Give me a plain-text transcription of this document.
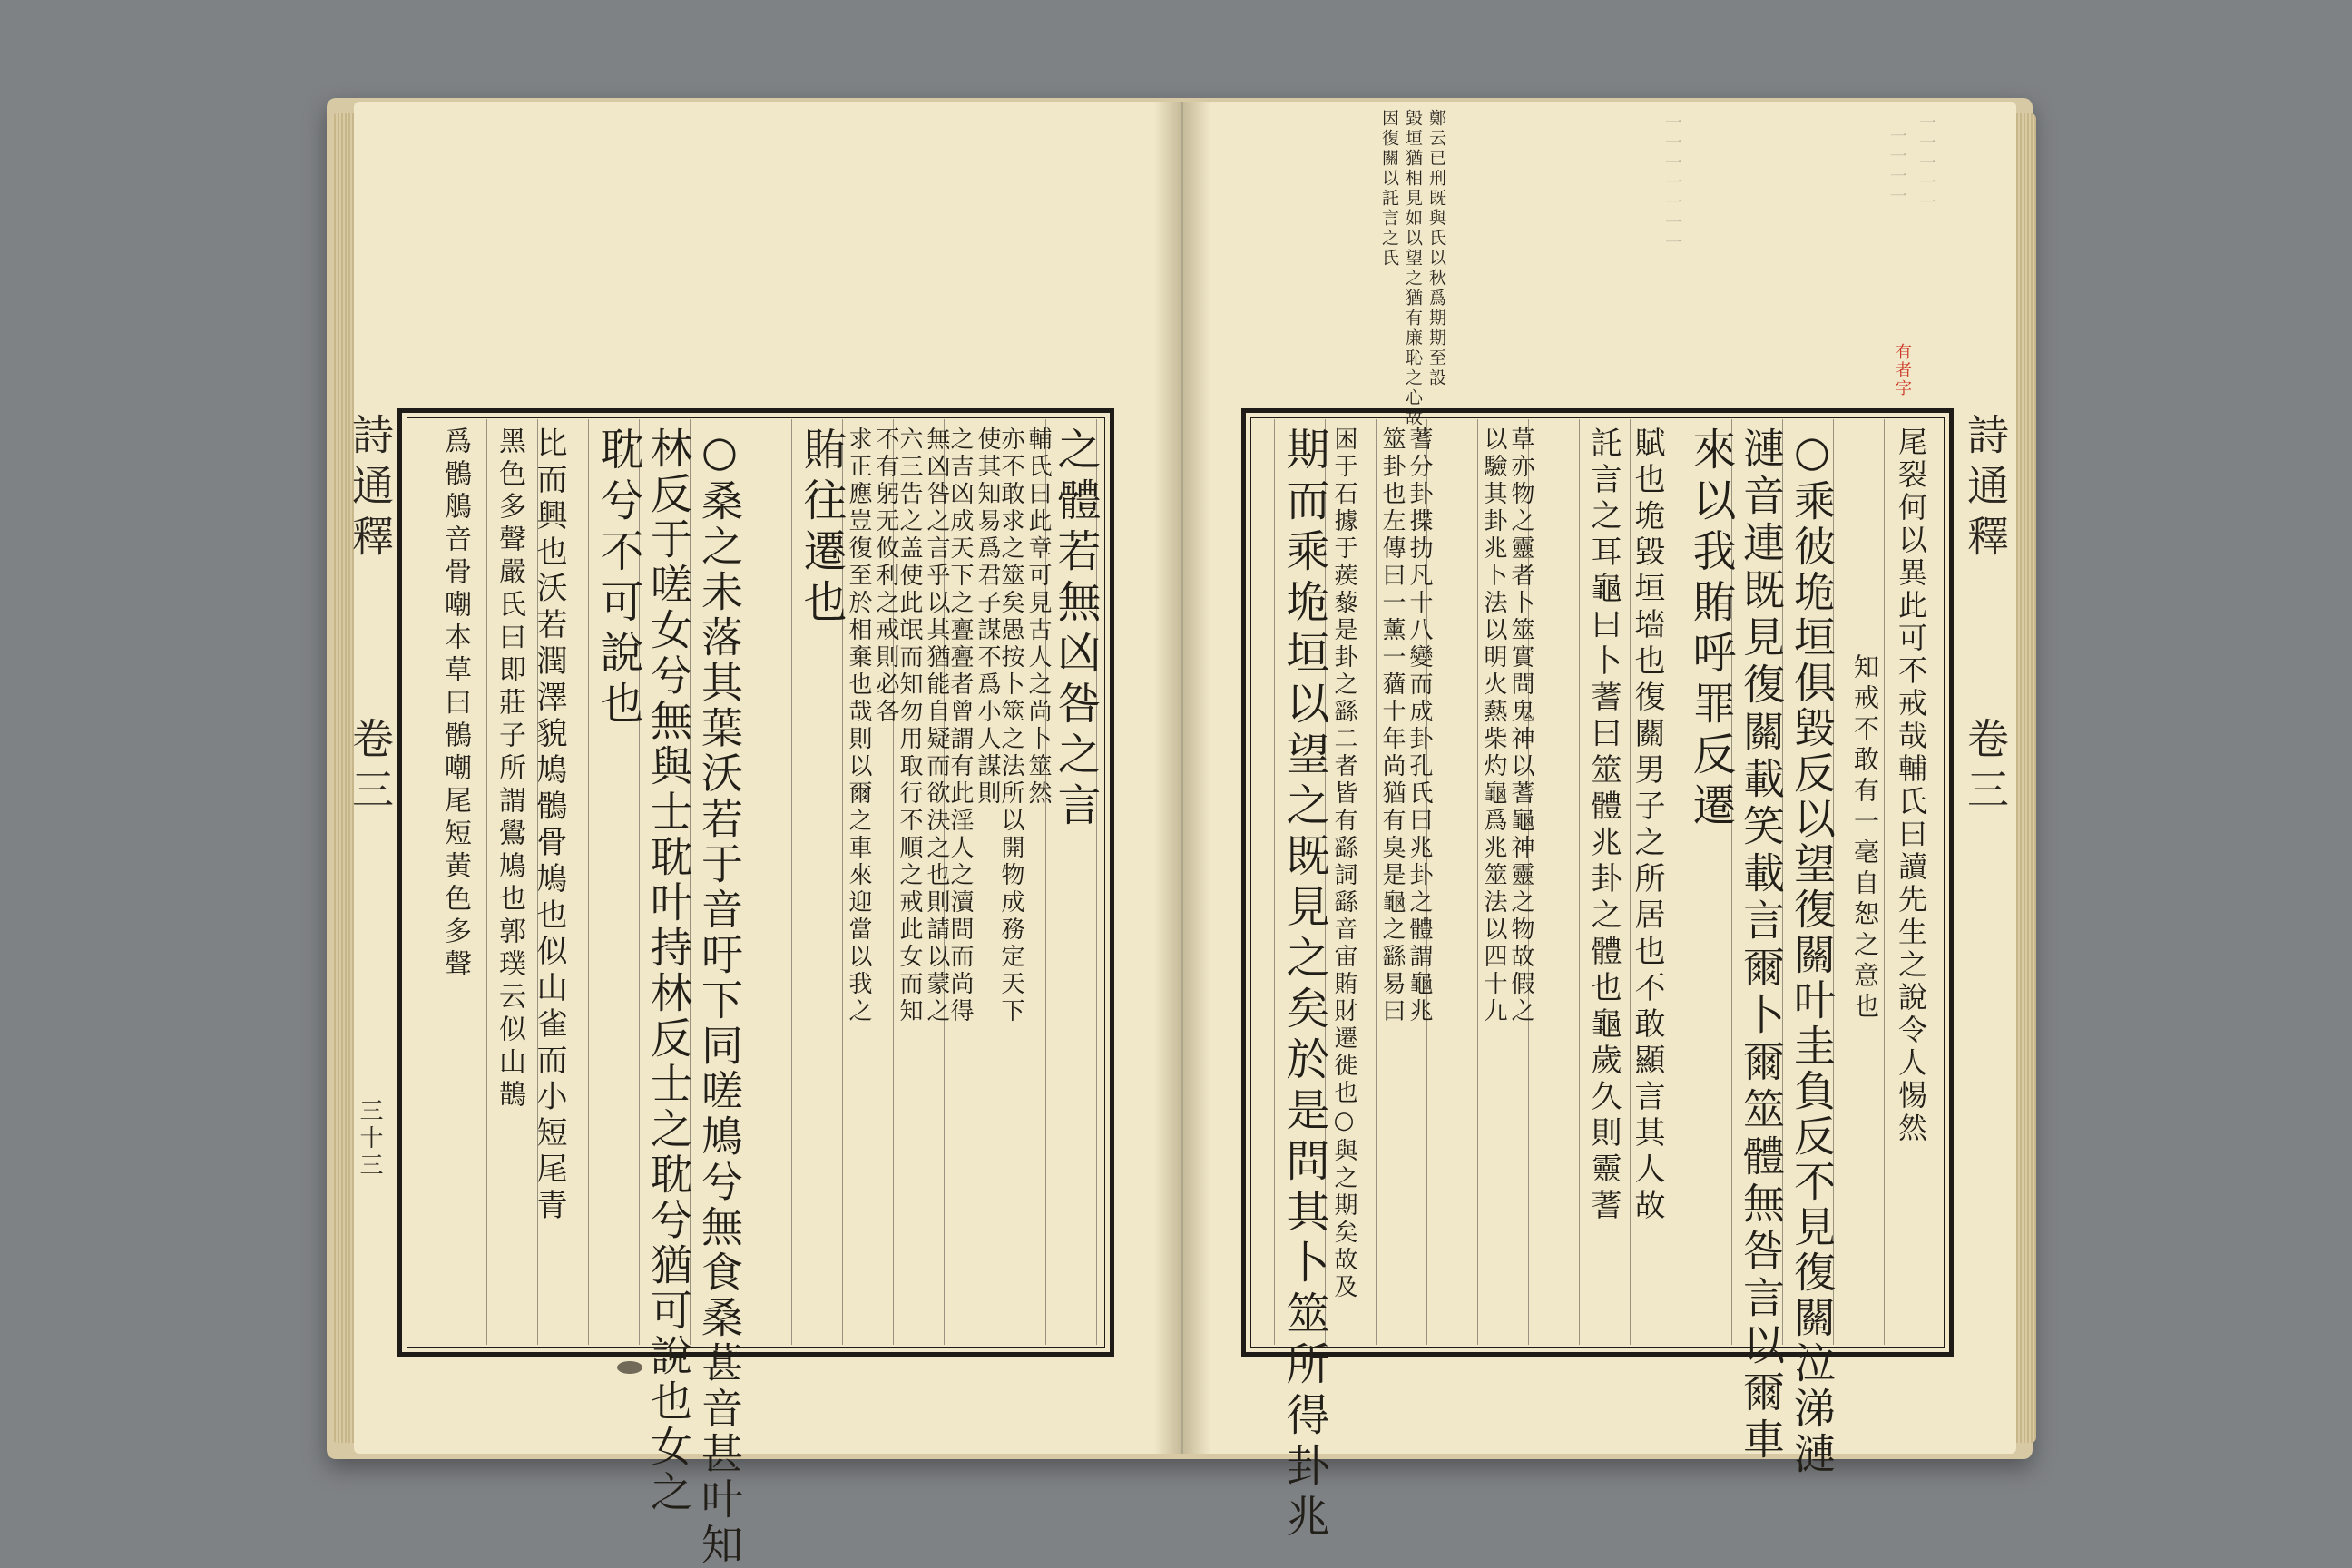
一一一一一
一一一一
一一一一一一一
鄭云已刑既與氏以秋爲期期至設
毀垣猶相見如以望之猶有廉恥之心故
因復關以託言之氏
有者字
詩通釋
卷三
三十三
之體若無凶咎之言
輔氏曰此章可見古人之尚卜筮然
亦不敢求之筮矣愚按卜筮之法所以開物成務定天下
使其知易爲君子謀不爲小人謀則
之吉凶成天下之亹亹者曾謂有此淫人之瀆問而尚得
無凶咎之言乎以其猶能自疑而欲決之也則請以蒙之
六三告之盖使此氓而知勿用取行不順之戒此女而知
不有躬无攸利之戒則必各
求正應豈復至於相棄也哉則以爾之車來迎當以我之
賄往遷也
○桑之未落其葉沃若于音吁下同嗟鳩兮無食桑葚音甚叶知
林反于嗟女兮無與士耽叶持林反士之耽兮猶可說也女之
耽兮不可說也
比而興也沃若潤澤貌鳩鶻骨鳩也似山雀而小短尾青
黑色多聲嚴氏曰即莊子所謂鷽鳩也郭璞云似山鵲
爲鶻鵃音骨嘲本草曰鶻嘲尾短黃色多聲	詩通釋
卷三
尾裂何以異此可不戒哉輔氏曰讀先生之說令人惕然
知戒不敢有一毫自恕之意也
○乘彼垝垣俱毀反以望復關叶圭負反不見復關泣涕漣
漣音連既見復關載笑載言爾卜爾筮體無咎言以爾車
來以我賄呼罪反遷
賦也垝毀垣墻也復關男子之所居也不敢顯言其人故
託言之耳龜曰卜蓍曰筮體兆卦之體也龜歲久則靈蓍
草亦物之靈者卜筮實問鬼神以蓍龜神靈之物故假之
以驗其卦兆卜法以明火爇柴灼龜爲兆筮法以四十九
蓍分卦揲扐凡十八變而成卦孔氏曰兆卦之體謂龜兆
筮卦也左傳曰一薰一蕕十年尚猶有臭是龜之繇易曰
困于石據于蒺藜是卦之繇二者皆有繇詞繇音宙賄財遷徙也○與之期矣故及
期而乘垝垣以望之既見之矣於是問其卜筮所得卦兆
